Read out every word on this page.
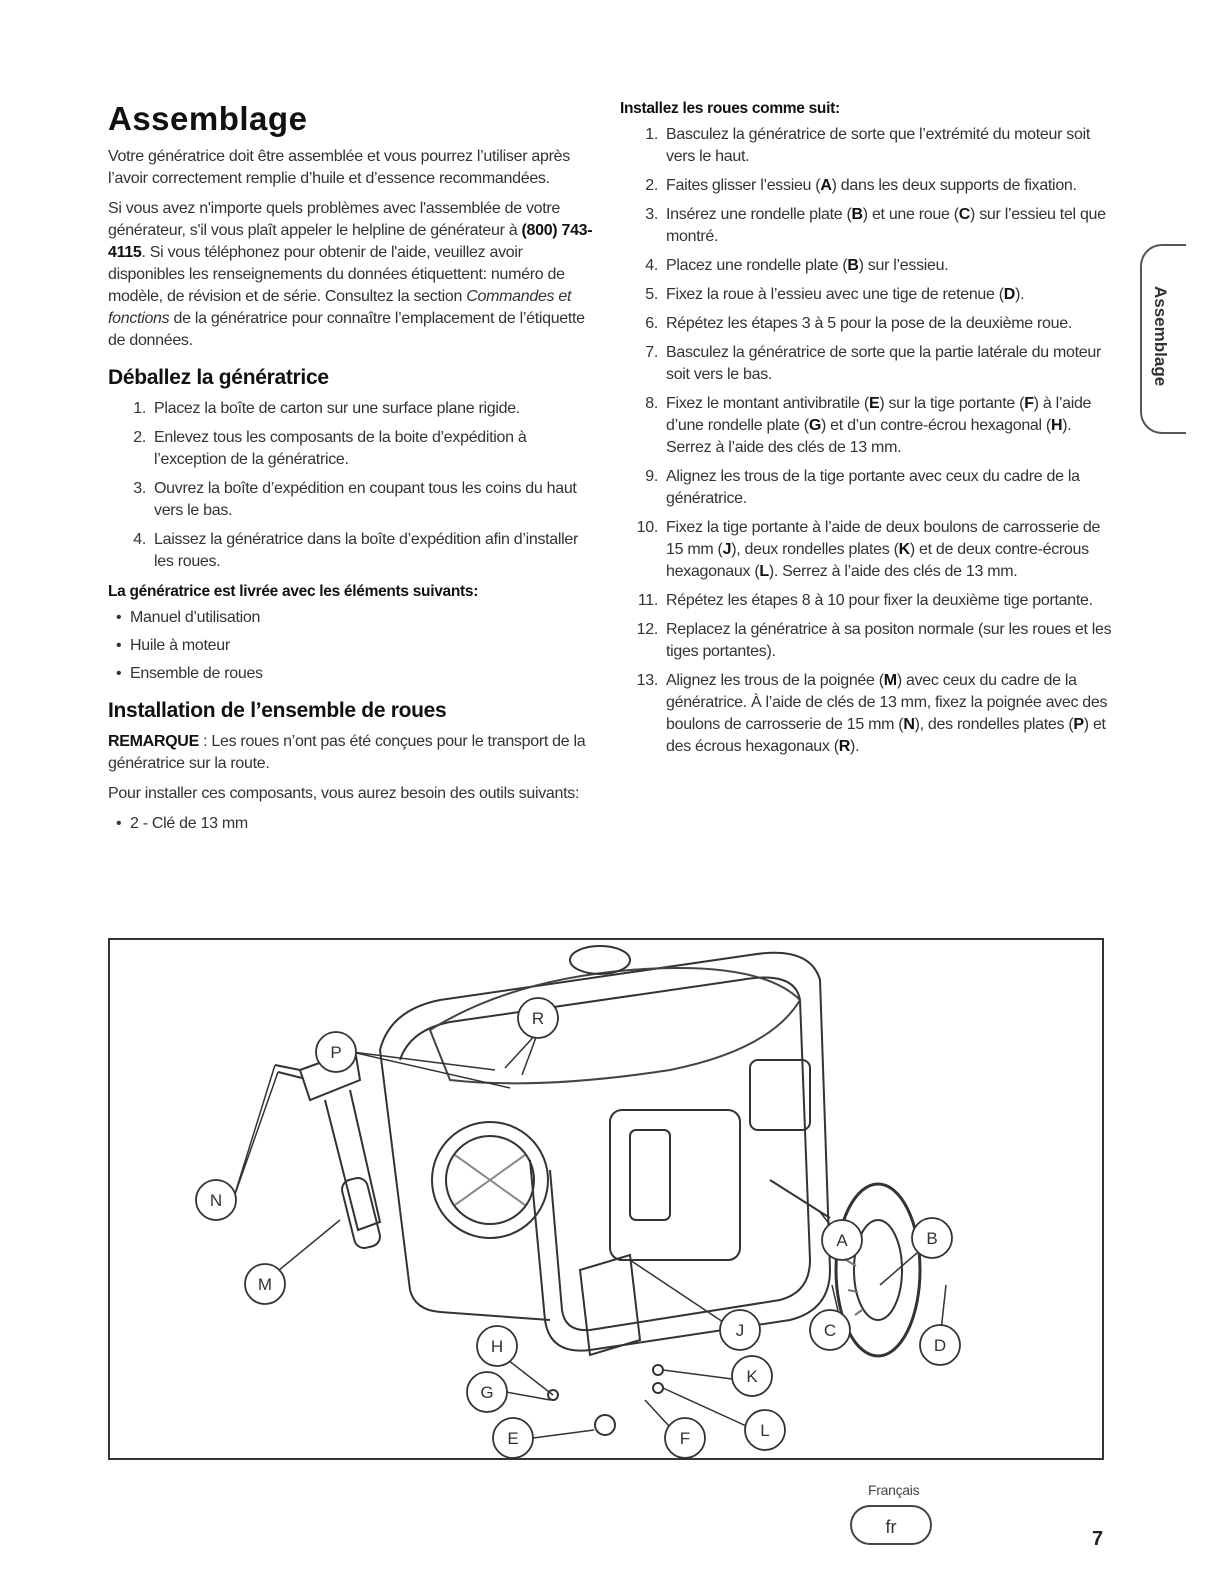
Assemblage

Votre génératrice doit être assemblée et vous pourrez l’utiliser après l’avoir correctement remplie d’huile et d’essence recommandées.

Si vous avez n'importe quels problèmes avec l'assemblée de votre générateur, s'il vous plaît appeler le helpline de générateur à (800) 743-4115. Si vous téléphonez pour obtenir de l'aide, veuillez avoir disponibles les renseignements du données étiquettent: numéro de modèle, de révision et de série. Consultez la section Commandes et fonctions de la génératrice pour connaître l’emplacement de l’étiquette de données.

Déballez la génératrice
1. Placez la boîte de carton sur une surface plane rigide.
2. Enlevez tous les composants de la boite d’expédition à l’exception de la génératrice.
3. Ouvrez la boîte d’expédition en coupant tous les coins du haut vers le bas.
4. Laissez la génératrice dans la boîte d’expédition afin d’installer les roues.
La génératrice est livrée avec les éléments suivants:
• Manuel d’utilisation
• Huile à moteur
• Ensemble de roues
Installation de l’ensemble de roues

REMARQUE : Les roues n’ont pas été conçues pour le transport de la génératrice sur la route.

Pour installer ces composants, vous aurez besoin des outils suivants:

• 2 - Clé de 13 mm
Installez les roues comme suit:
1. Basculez la génératrice de sorte que l’extrémité du moteur soit vers le haut.
2. Faites glisser l’essieu (A) dans les deux supports de fixation.
3. Insérez une rondelle plate (B) et une roue (C) sur l’essieu tel que montré.
4. Placez une rondelle plate (B) sur l’essieu.
5. Fixez la roue à l’essieu avec une tige de retenue (D).
6. Répétez les étapes 3 à 5 pour la pose de la deuxième roue.
7. Basculez la génératrice de sorte que la partie latérale du moteur soit vers le bas.
8. Fixez le montant antivibratile (E) sur la tige portante (F) à l’aide d’une rondelle plate (G) et d’un contre-écrou hexagonal (H). Serrez à l’aide des clés de 13 mm.
9. Alignez les trous de la tige portante avec ceux du cadre de la génératrice.
10. Fixez la tige portante à l’aide de deux boulons de carrosserie de 15 mm (J), deux rondelles plates (K) et de deux contre-écrous hexagonaux (L). Serrez à l’aide des clés de 13 mm.
11. Répétez les étapes 8 à 10 pour fixer la deuxième tige portante.
12. Replacez la génératrice à sa positon normale (sur les roues et les tiges portantes).
13. Alignez les trous de la poignée (M) avec ceux du cadre de la génératrice. À l’aide de clés de 13 mm, fixez la poignée avec des boulons de carrosserie de 15 mm (N), des rondelles plates (P) et des écrous hexagonaux (R).
Assemblage
R
P
N
M
A	B
J	C
D
H
K
G
L
E	F
Français
fr
7
